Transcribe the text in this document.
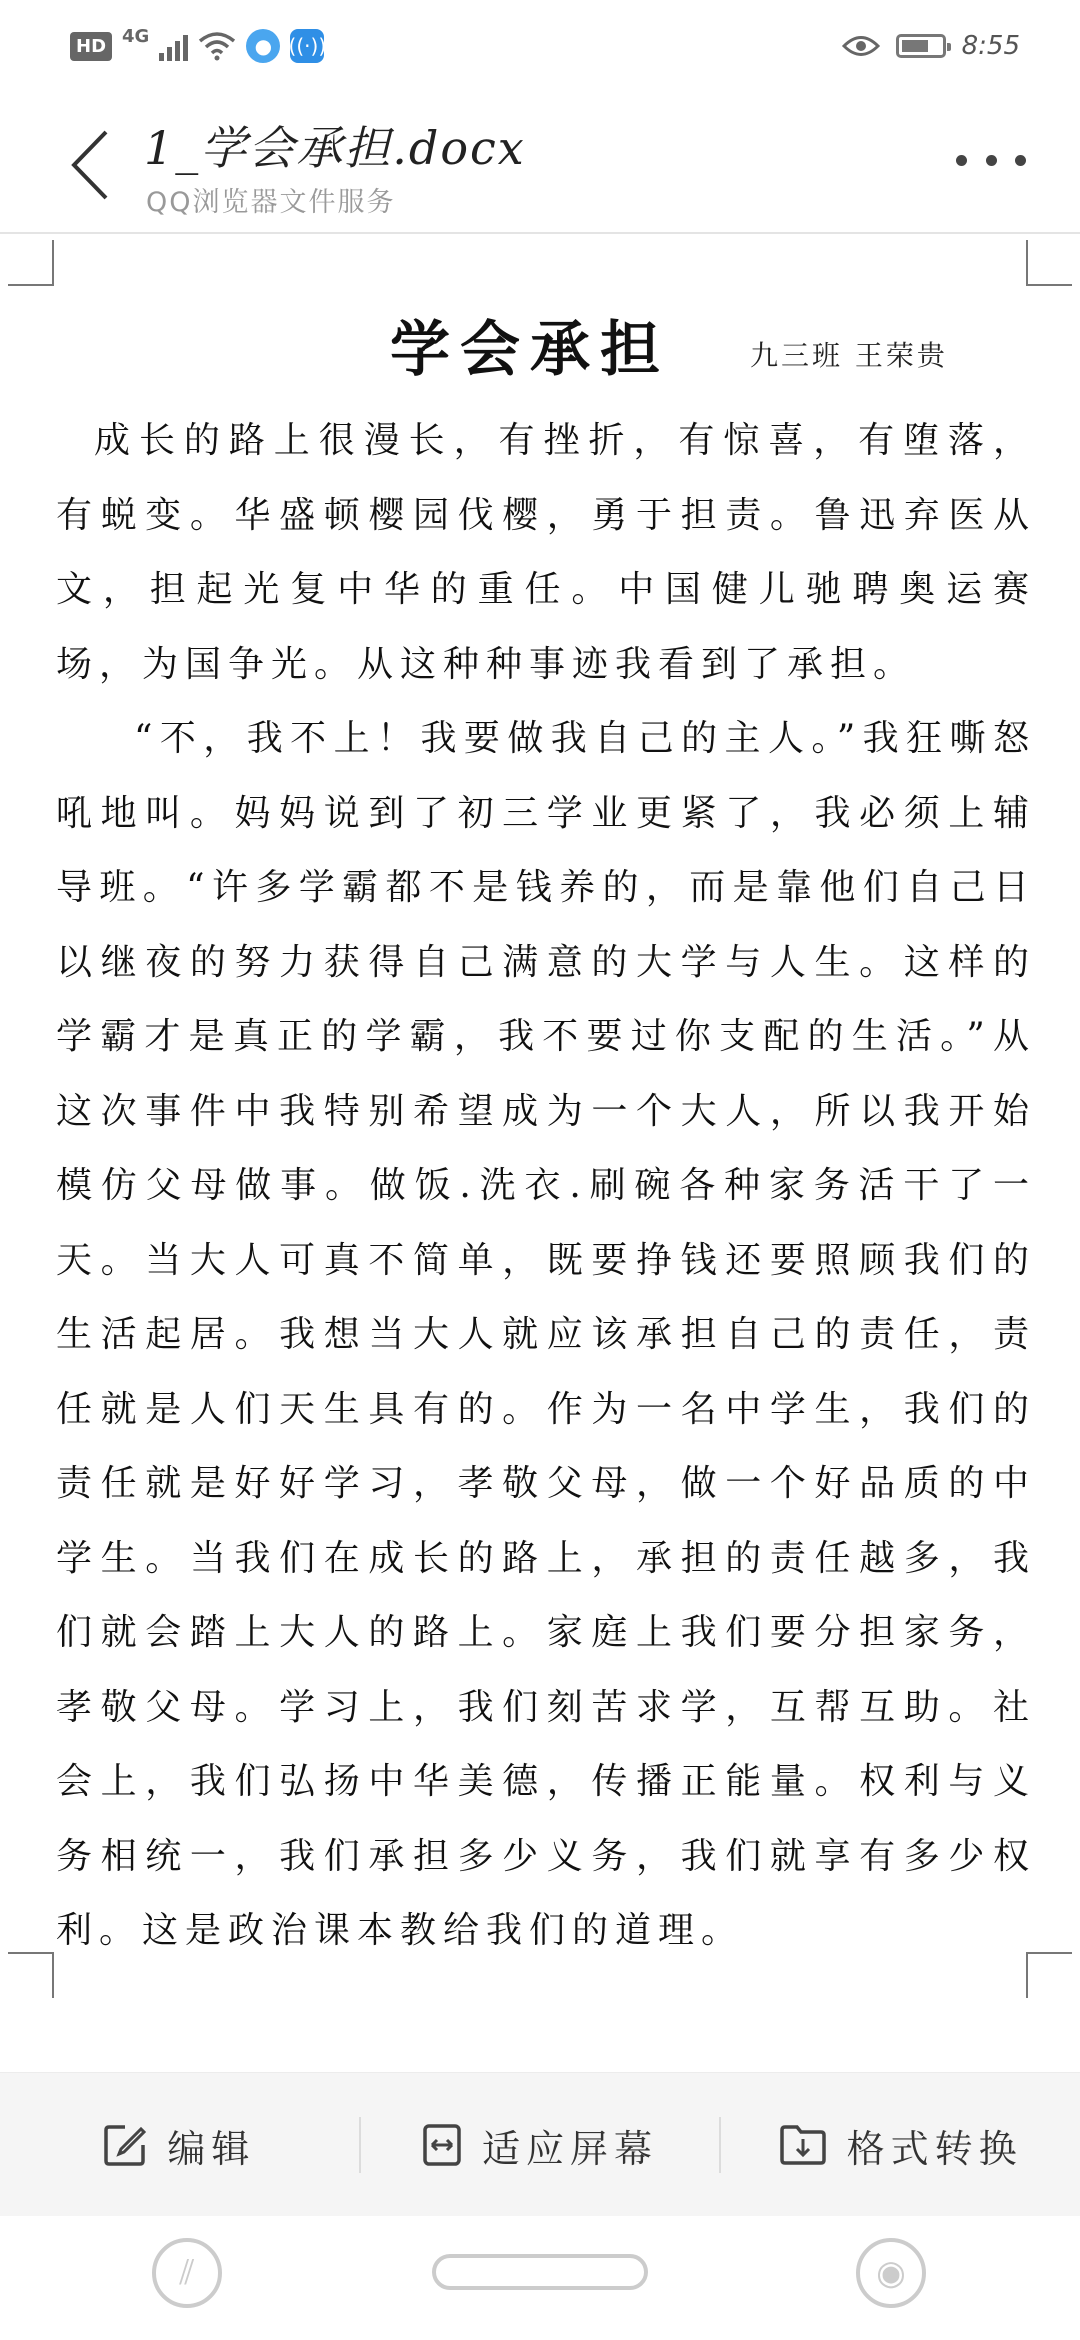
HD 4G	● ((·))	8:55
1_学会承担.docx
QQ浏览器文件服务
学会承担	九三班 王荣贵

成长的路上很漫长，有挫折，有惊喜，有堕落，有蜕变。华盛顿樱园伐樱，勇于担责。鲁迅弃医从文，担起光复中华的重任。中国健儿驰聘奥运赛场，为国争光。从这种种事迹我看到了承担。

“不，我不上！我要做我自己的主人。”我狂嘶怒吼地叫。妈妈说到了初三学业更紧了，我必须上辅导班。“许多学霸都不是钱养的，而是靠他们自己日以继夜的努力获得自己满意的大学与人生。这样的学霸才是真正的学霸，我不要过你支配的生活。”从这次事件中我特别希望成为一个大人，所以我开始模仿父母做事。做饭.洗衣.刷碗各种家务活干了一天。当大人可真不简单，既要挣钱还要照顾我们的生活起居。我想当大人就应该承担自己的责任，责任就是人们天生具有的。作为一名中学生，我们的责任就是好好学习，孝敬父母，做一个好品质的中学生。当我们在成长的路上，承担的责任越多，我们就会踏上大人的路上。家庭上我们要分担家务，孝敬父母。学习上，我们刻苦求学，互帮互助。社会上，我们弘扬中华美德，传播正能量。权利与义务相统一，我们承担多少义务，我们就享有多少权利。这是政治课本教给我们的道理。

编辑	适应屏幕	格式转换
⫽	◉
